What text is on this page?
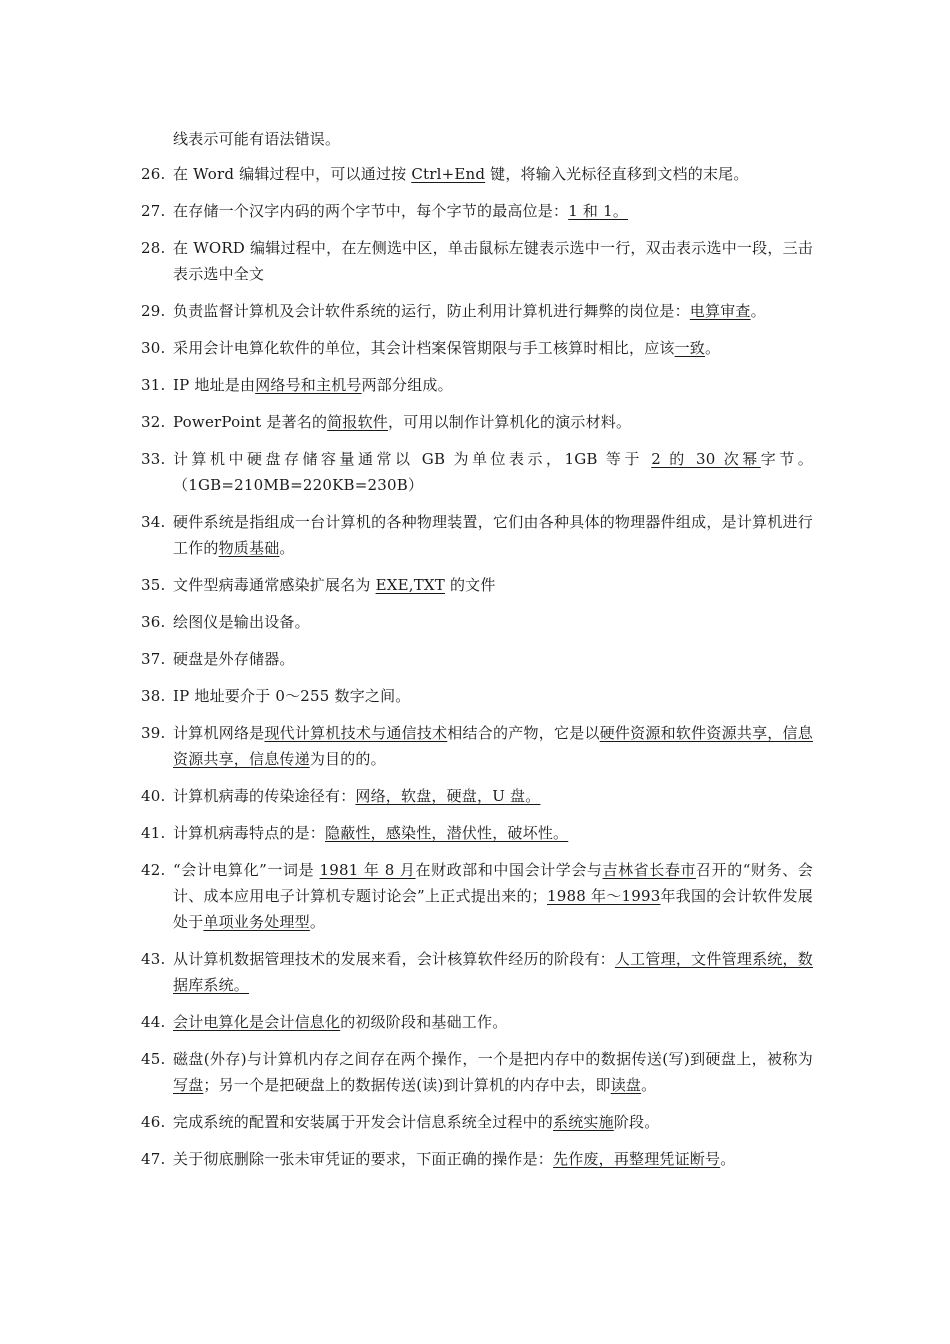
线表示可能有语法错误。
26. 在 Word 编辑过程中，可以通过按 Ctrl+End 键，将输入光标径直移到文档的末尾。
27. 在存储一个汉字内码的两个字节中，每个字节的最高位是：1 和 1。
28. 在 WORD 编辑过程中，在左侧选中区，单击鼠标左键表示选中一行，双击表示选中一段，三击表示选中全文
29. 负责监督计算机及会计软件系统的运行，防止利用计算机进行舞弊的岗位是：电算审查。
30. 采用会计电算化软件的单位，其会计档案保管期限与手工核算时相比，应该一致。
31. IP 地址是由网络号和主机号两部分组成。
32. PowerPoint 是著名的简报软件，可用以制作计算机化的演示材料。
33. 计算机中硬盘存储容量通常以 GB 为单位表示，1GB 等于 2 的 30 次幂字节。（1GB=210MB=220KB=230B）
34. 硬件系统是指组成一台计算机的各种物理装置，它们由各种具体的物理器件组成，是计算机进行工作的物质基础。
35. 文件型病毒通常感染扩展名为 EXE,TXT 的文件
36. 绘图仪是输出设备。
37. 硬盘是外存储器。
38. IP 地址要介于 0～255 数字之间。
39. 计算机网络是现代计算机技术与通信技术相结合的产物，它是以硬件资源和软件资源共享，信息资源共享，信息传递为目的的。
40. 计算机病毒的传染途径有：网络，软盘，硬盘，U 盘。
41. 计算机病毒特点的是：隐蔽性，感染性，潜伏性，破坏性。
42. “会计电算化”一词是 1981 年 8 月在财政部和中国会计学会与吉林省长春市召开的“财务、会计、成本应用电子计算机专题讨论会”上正式提出来的；1988 年～1993年我国的会计软件发展处于单项业务处理型。
43. 从计算机数据管理技术的发展来看，会计核算软件经历的阶段有：人工管理，文件管理系统，数据库系统。
44. 会计电算化是会计信息化的初级阶段和基础工作。
45. 磁盘(外存)与计算机内存之间存在两个操作，一个是把内存中的数据传送(写)到硬盘上，被称为写盘；另一个是把硬盘上的数据传送(读)到计算机的内存中去，即读盘。
46. 完成系统的配置和安装属于开发会计信息系统全过程中的系统实施阶段。
47. 关于彻底删除一张未审凭证的要求，下面正确的操作是：先作废，再整理凭证断号。
